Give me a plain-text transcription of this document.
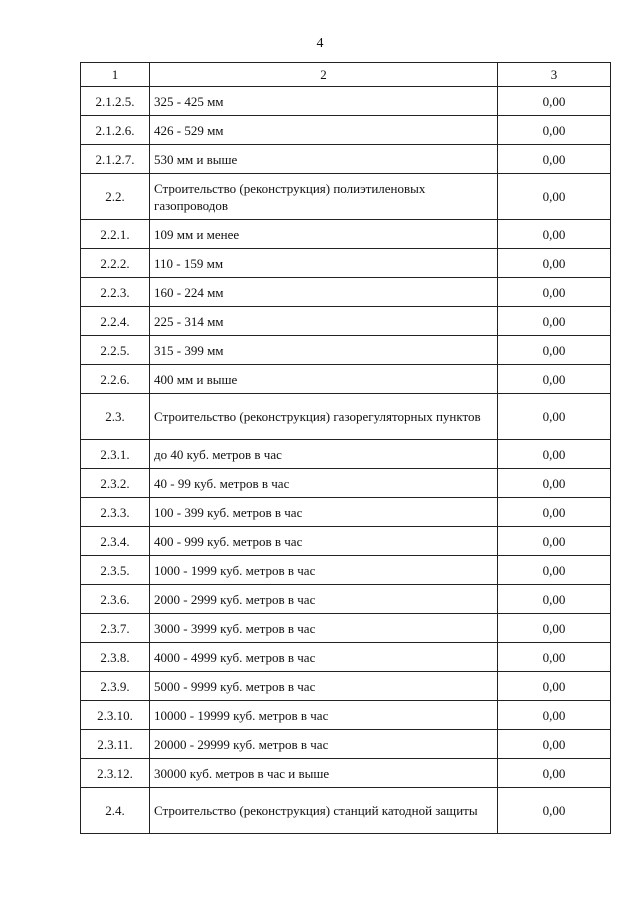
4
1	2	3
2.1.2.5.	325 - 425 мм	0,00
2.1.2.6.	426 - 529 мм	0,00
2.1.2.7.	530 мм и выше	0,00
2.2.	Строительство (реконструкция) полиэтиленовых газопроводов	0,00
2.2.1.	109 мм и менее	0,00
2.2.2.	110 - 159 мм	0,00
2.2.3.	160 - 224 мм	0,00
2.2.4.	225 - 314 мм	0,00
2.2.5.	315 - 399 мм	0,00
2.2.6.	400 мм и выше	0,00
2.3.	Строительство (реконструкция) газорегуляторных пунктов	0,00
2.3.1.	до 40 куб. метров в час	0,00
2.3.2.	40 - 99 куб. метров в час	0,00
2.3.3.	100 - 399 куб. метров в час	0,00
2.3.4.	400 - 999 куб. метров в час	0,00
2.3.5.	1000 - 1999 куб. метров в час	0,00
2.3.6.	2000 - 2999 куб. метров в час	0,00
2.3.7.	3000 - 3999 куб. метров в час	0,00
2.3.8.	4000 - 4999 куб. метров в час	0,00
2.3.9.	5000 - 9999 куб. метров в час	0,00
2.3.10.	10000 - 19999 куб. метров в час	0,00
2.3.11.	20000 - 29999 куб. метров в час	0,00
2.3.12.	30000 куб. метров в час и выше	0,00
2.4.	Строительство (реконструкция) станций катодной защиты	0,00
